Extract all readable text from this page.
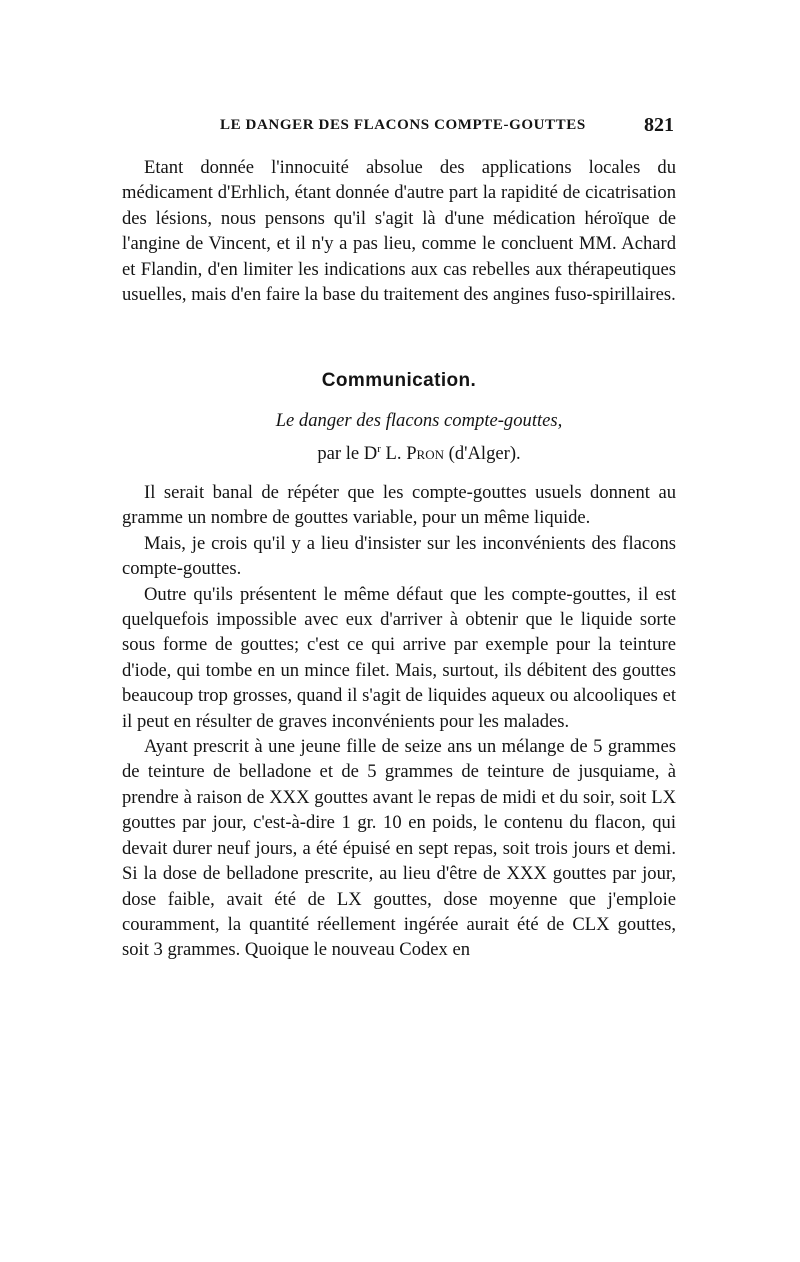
LE DANGER DES FLACONS COMPTE-GOUTTES	821

Etant donnée l'innocuité absolue des applications locales du médicament d'Erhlich, étant donnée d'autre part la rapidité de cicatrisation des lésions, nous pensons qu'il s'agit là d'une médication héroïque de l'angine de Vincent, et il n'y a pas lieu, comme le concluent MM. Achard et Flandin, d'en limiter les indications aux cas rebelles aux thérapeutiques usuelles, mais d'en faire la base du traitement des angines fuso-spirillaires.

Communication.
Le danger des flacons compte-gouttes,
par le $D^r$ L. Pron (d'Alger).

Il serait banal de répéter que les compte-gouttes usuels donnent au gramme un nombre de gouttes variable, pour un même liquide.

Mais, je crois qu'il y a lieu d'insister sur les inconvénients des flacons compte-gouttes.

Outre qu'ils présentent le même défaut que les compte-gouttes, il est quelquefois impossible avec eux d'arriver à obtenir que le liquide sorte sous forme de gouttes; c'est ce qui arrive par exemple pour la teinture d'iode, qui tombe en un mince filet. Mais, surtout, ils débitent des gouttes beaucoup trop grosses, quand il s'agit de liquides aqueux ou alcooliques et il peut en résulter de graves inconvénients pour les malades.

Ayant prescrit à une jeune fille de seize ans un mélange de 5 grammes de teinture de belladone et de 5 grammes de teinture de jusquiame, à prendre à raison de XXX gouttes avant le repas de midi et du soir, soit LX gouttes par jour, c'est-à-dire 1 gr. 10 en poids, le contenu du flacon, qui devait durer neuf jours, a été épuisé en sept repas, soit trois jours et demi. Si la dose de belladone prescrite, au lieu d'être de XXX gouttes par jour, dose faible, avait été de LX gouttes, dose moyenne que j'emploie couramment, la quantité réellement ingérée aurait été de CLX gouttes, soit 3 grammes. Quoique le nouveau Codex en
